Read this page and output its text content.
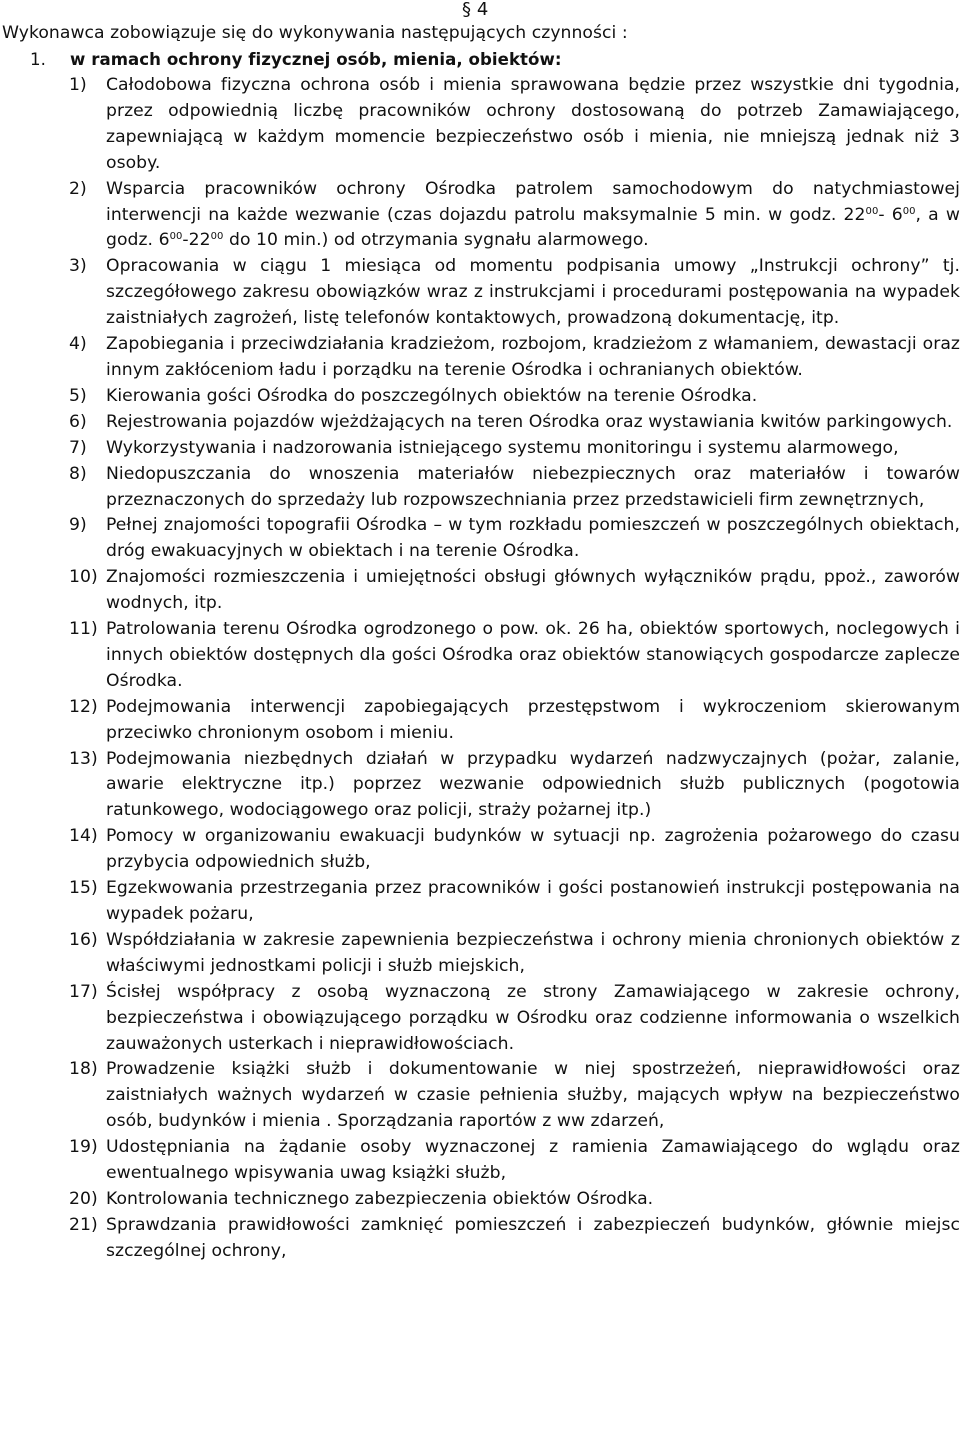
§ 4
Wykonawca zobowiązuje się do wykonywania następujących czynności :
1. w ramach ochrony fizycznej osób, mienia, obiektów:
1) Całodobowa fizyczna ochrona osób i mienia sprawowana będzie przez wszystkie dni tygodnia, przez odpowiednią liczbę pracowników ochrony dostosowaną do potrzeb Zamawiającego, zapewniającą w każdym momencie bezpieczeństwo osób i mienia, nie mniejszą jednak niż 3 osoby.
2) Wsparcia pracowników ochrony Ośrodka patrolem samochodowym do natychmiastowej interwencji na każde wezwanie (czas dojazdu patrolu maksymalnie 5 min. w godz. $22^{00}-$ $6^{00}$, a w godz. $6^{00}-22^{00}$ do 10 min.) od otrzymania sygnału alarmowego.
3) Opracowania w ciągu 1 miesiąca od momentu podpisania umowy „Instrukcji ochrony” tj. szczegółowego zakresu obowiązków wraz z instrukcjami i procedurami postępowania na wypadek zaistniałych zagrożeń, listę telefonów kontaktowych, prowadzoną dokumentację, itp.
4) Zapobiegania i przeciwdziałania kradzieżom, rozbojom, kradzieżom z włamaniem, dewastacji oraz innym zakłóceniom ładu i porządku na terenie Ośrodka i ochranianych obiektów.
5) Kierowania gości Ośrodka do poszczególnych obiektów na terenie Ośrodka.
6) Rejestrowania pojazdów wjeżdżających na teren Ośrodka oraz wystawiania kwitów parkingowych.
7) Wykorzystywania i nadzorowania istniejącego systemu monitoringu i systemu alarmowego,
8) Niedopuszczania do wnoszenia materiałów niebezpiecznych oraz materiałów i towarów przeznaczonych do sprzedaży lub rozpowszechniania przez przedstawicieli firm zewnętrznych,
9) Pełnej znajomości topografii Ośrodka – w tym rozkładu pomieszczeń w poszczególnych obiektach, dróg ewakuacyjnych w obiektach i na terenie Ośrodka.
10) Znajomości rozmieszczenia i umiejętności obsługi głównych wyłączników prądu, ppoż., zaworów wodnych, itp.
11) Patrolowania terenu Ośrodka ogrodzonego o pow. ok. 26 ha, obiektów sportowych, noclegowych i innych obiektów dostępnych dla gości Ośrodka oraz obiektów stanowiących gospodarcze zaplecze Ośrodka.
12) Podejmowania interwencji zapobiegających przestępstwom i wykroczeniom skierowanym przeciwko chronionym osobom i mieniu.
13) Podejmowania niezbędnych działań w przypadku wydarzeń nadzwyczajnych (pożar, zalanie, awarie elektryczne itp.) poprzez wezwanie odpowiednich służb publicznych (pogotowia ratunkowego, wodociągowego oraz policji, straży pożarnej itp.)
14) Pomocy w organizowaniu ewakuacji budynków w sytuacji np. zagrożenia pożarowego do czasu przybycia odpowiednich służb,
15) Egzekwowania przestrzegania przez pracowników i gości postanowień instrukcji postępowania na wypadek pożaru,
16) Współdziałania w zakresie zapewnienia bezpieczeństwa i ochrony mienia chronionych obiektów z właściwymi jednostkami policji i służb miejskich,
17) Ścisłej współpracy z osobą wyznaczoną ze strony Zamawiającego w zakresie ochrony, bezpieczeństwa i obowiązującego porządku w Ośrodku oraz codzienne informowania o wszelkich zauważonych usterkach i nieprawidłowościach.
18) Prowadzenie książki służb i dokumentowanie w niej spostrzeżeń, nieprawidłowości oraz zaistniałych ważnych wydarzeń w czasie pełnienia służby, mających wpływ na bezpieczeństwo osób, budynków i mienia . Sporządzania raportów z ww zdarzeń,
19) Udostępniania na żądanie osoby wyznaczonej z ramienia Zamawiającego do wglądu oraz ewentualnego wpisywania uwag książki służb,
20) Kontrolowania technicznego zabezpieczenia obiektów Ośrodka.
21) Sprawdzania prawidłowości zamknięć pomieszczeń i zabezpieczeń budynków, głównie miejsc szczególnej ochrony,
